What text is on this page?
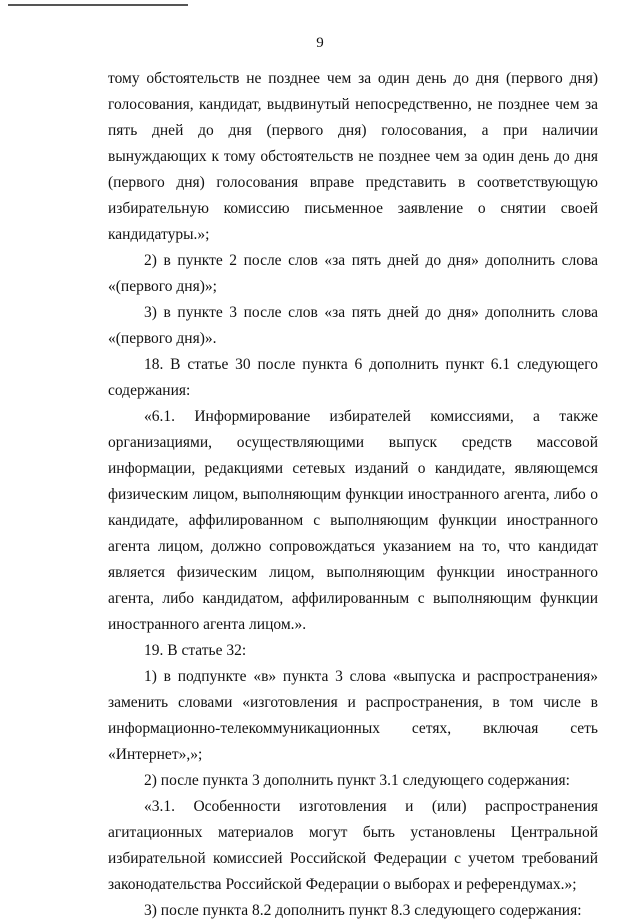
9

тому обстоятельств не позднее чем за один день до дня (первого дня) голосования, кандидат, выдвинутый непосредственно, не позднее чем за пять дней до дня (первого дня) голосования, а при наличии вынуждающих к тому обстоятельств не позднее чем за один день до дня (первого дня) голосования вправе представить в соответствующую избирательную комиссию письменное заявление о снятии своей кандидатуры.»;

2) в пункте 2 после слов «за пять дней до дня» дополнить слова «(первого дня)»;

3) в пункте 3 после слов «за пять дней до дня» дополнить слова «(первого дня)».

18. В статье 30 после пункта 6 дополнить пункт 6.1 следующего содержания:

«6.1. Информирование избирателей комиссиями, а также организациями, осуществляющими выпуск средств массовой информации, редакциями сетевых изданий о кандидате, являющемся физическим лицом, выполняющим функции иностранного агента, либо о кандидате, аффилированном с выполняющим функции иностранного агента лицом, должно сопровождаться указанием на то, что кандидат является физическим лицом, выполняющим функции иностранного агента, либо кандидатом, аффилированным с выполняющим функции иностранного агента лицом.».

19. В статье 32:

1) в подпункте «в» пункта 3 слова «выпуска и распространения» заменить словами «изготовления и распространения, в том числе в информационно-телекоммуникационных сетях, включая сеть «Интернет»,»;

2) после пункта 3 дополнить пункт 3.1 следующего содержания:

«3.1. Особенности изготовления и (или) распространения агитационных материалов могут быть установлены Центральной избирательной комиссией Российской Федерации с учетом требований законодательства Российской Федерации о выборах и референдумах.»;

3) после пункта 8.2 дополнить пункт 8.3 следующего содержания:
